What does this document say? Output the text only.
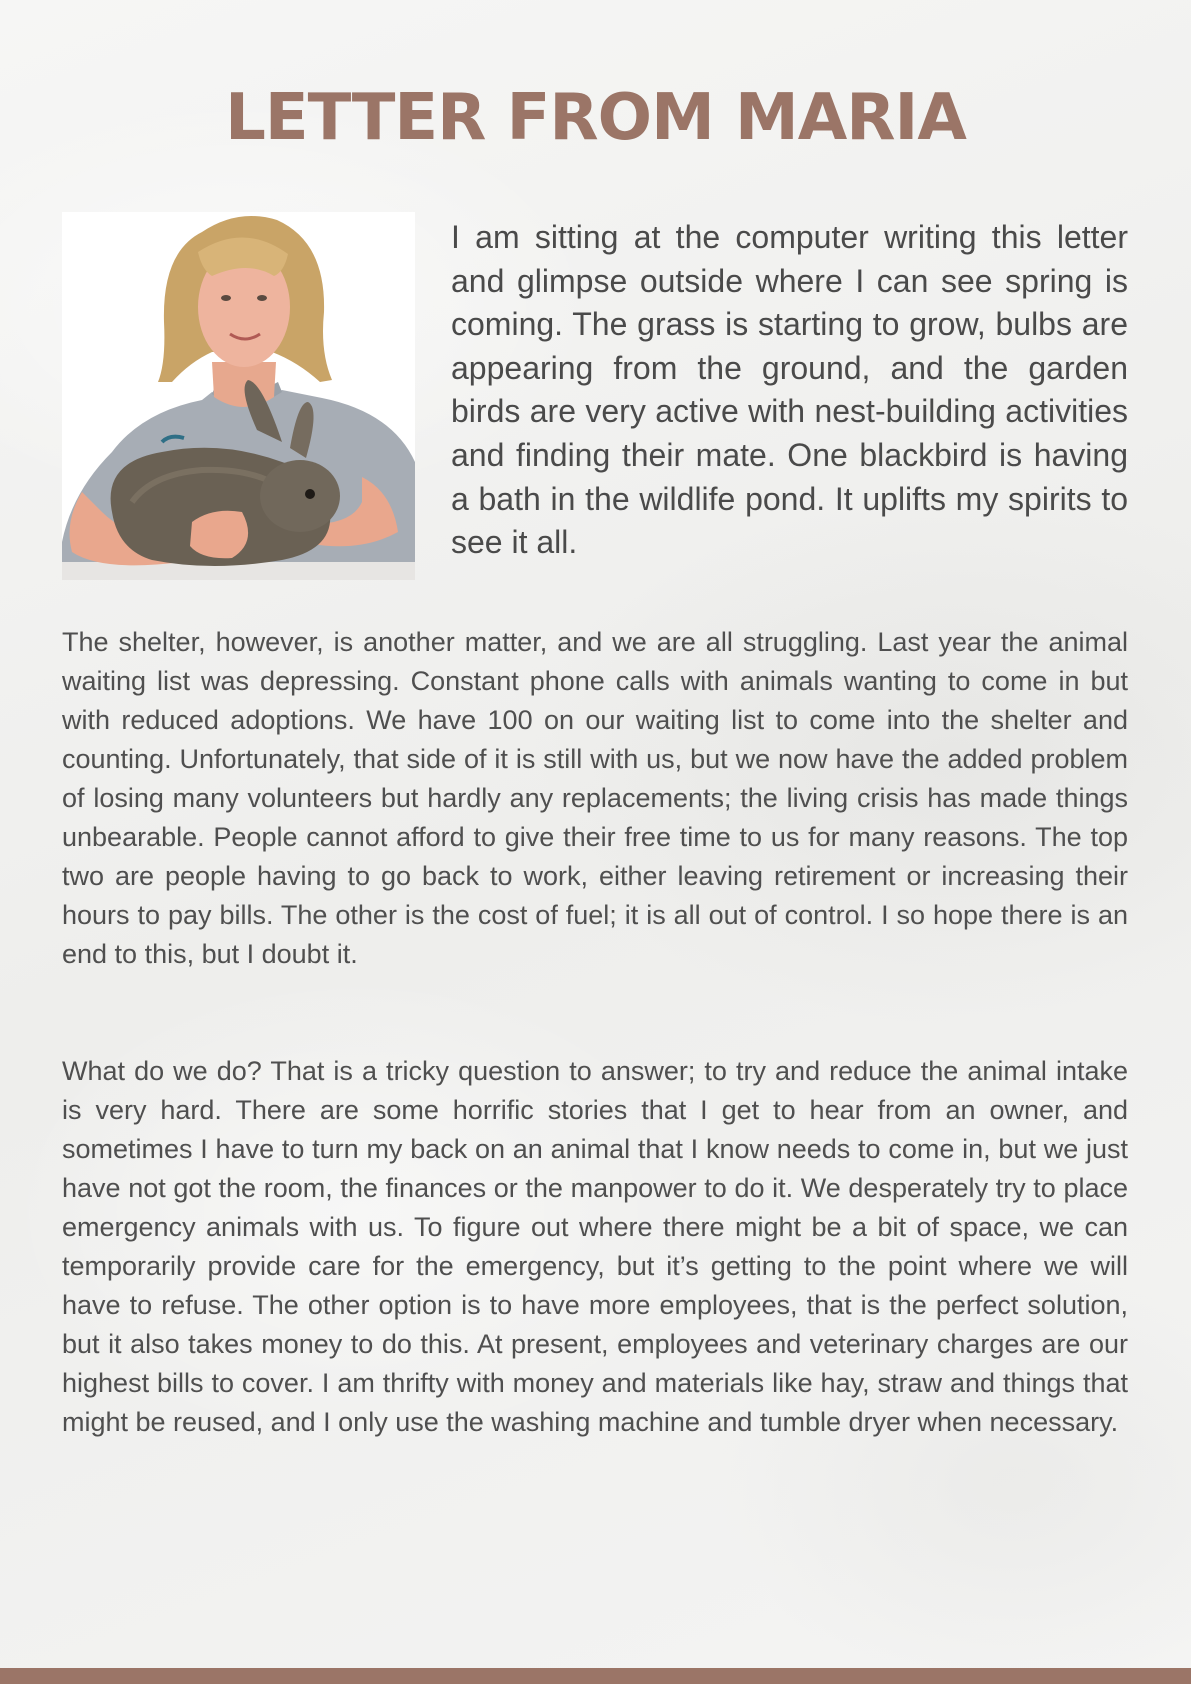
LETTER FROM MARIA

I am sitting at the computer writing this letter and glimpse outside where I can see spring is coming. The grass is starting to grow, bulbs are appearing from the ground, and the garden birds are very active with nest-building activities and finding their mate. One blackbird is having a bath in the wildlife pond. It uplifts my spirits to see it all.

The shelter, however, is another matter, and we are all struggling. Last year the animal waiting list was depressing. Constant phone calls with animals wanting to come in but with reduced adoptions. We have 100 on our waiting list to come into the shelter and counting. Unfortunately, that side of it is still with us, but we now have the added problem of losing many volunteers but hardly any replacements; the living crisis has made things unbearable. People cannot afford to give their free time to us for many reasons. The top two are people having to go back to work, either leaving retirement or increasing their hours to pay bills. The other is the cost of fuel; it is all out of control. I so hope there is an end to this, but I doubt it.

What do we do? That is a tricky question to answer; to try and reduce the animal intake is very hard. There are some horrific stories that I get to hear from an owner, and sometimes I have to turn my back on an animal that I know needs to come in, but we just have not got the room, the finances or the manpower to do it. We desperately try to place emergency animals with us. To figure out where there might be a bit of space, we can temporarily provide care for the emergency, but it’s getting to the point where we will have to refuse. The other option is to have more employees, that is the perfect solution, but it also takes money to do this. At present, employees and veterinary charges are our highest bills to cover. I am thrifty with money and materials like hay, straw and things that might be reused, and I only use the washing machine and tumble dryer when necessary.
